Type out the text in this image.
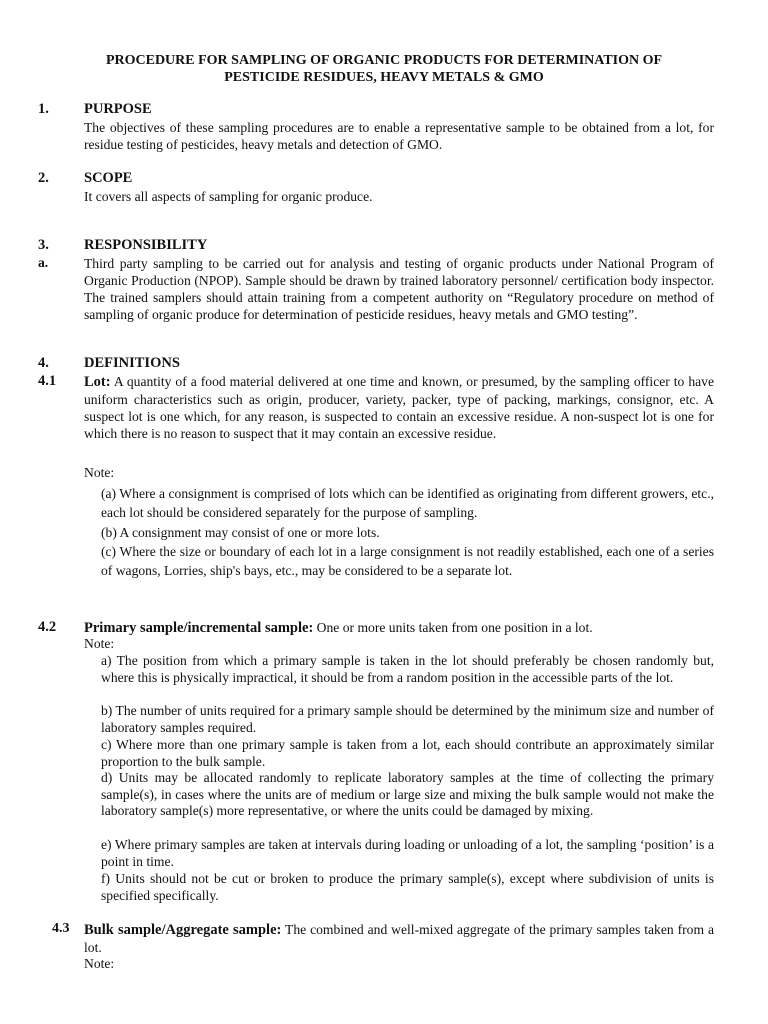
PROCEDURE FOR SAMPLING OF ORGANIC PRODUCTS FOR DETERMINATION OF
PESTICIDE RESIDUES, HEAVY METALS & GMO
1. PURPOSE
The objectives of these sampling procedures are to enable a representative sample to be obtained from a lot, for residue testing of pesticides, heavy metals and detection of GMO.
2. SCOPE
It covers all aspects of sampling for organic produce.
3. RESPONSIBILITY
a.	Third party sampling to be carried out for analysis and testing of organic products under National Program of Organic Production (NPOP). Sample should be drawn by trained laboratory personnel/ certification body inspector. The trained samplers should attain training from a competent authority on “Regulatory procedure on method of sampling of organic produce for determination of pesticide residues, heavy metals and GMO testing”.
4. DEFINITIONS
4.1 Lot: A quantity of a food material delivered at one time and known, or presumed, by the sampling officer to have uniform characteristics such as origin, producer, variety, packer, type of packing, markings, consignor, etc. A suspect lot is one which, for any reason, is suspected to contain an excessive residue. A non-suspect lot is one for which there is no reason to suspect that it may contain an excessive residue.
Note:
(a) Where a consignment is comprised of lots which can be identified as originating from different growers, etc., each lot should be considered separately for the purpose of sampling.
(b) A consignment may consist of one or more lots.
(c) Where the size or boundary of each lot in a large consignment is not readily established, each one of a series of wagons, Lorries, ship's bays, etc., may be considered to be a separate lot.
4.2 Primary sample/incremental sample: One or more units taken from one position in a lot.
Note:
a) The position from which a primary sample is taken in the lot should preferably be chosen randomly but, where this is physically impractical, it should be from a random position in the accessible parts of the lot.
b) The number of units required for a primary sample should be determined by the minimum size and number of laboratory samples required.
c) Where more than one primary sample is taken from a lot, each should contribute an approximately similar proportion to the bulk sample.
d) Units may be allocated randomly to replicate laboratory samples at the time of collecting the primary sample(s), in cases where the units are of medium or large size and mixing the bulk sample would not make the laboratory sample(s) more representative, or where the units could be damaged by mixing.
e) Where primary samples are taken at intervals during loading or unloading of a lot, the sampling ‘position’ is a point in time.
f) Units should not be cut or broken to produce the primary sample(s), except where subdivision of units is specified specifically.
4.3 Bulk sample/Aggregate sample: The combined and well-mixed aggregate of the primary samples taken from a lot.
Note:
